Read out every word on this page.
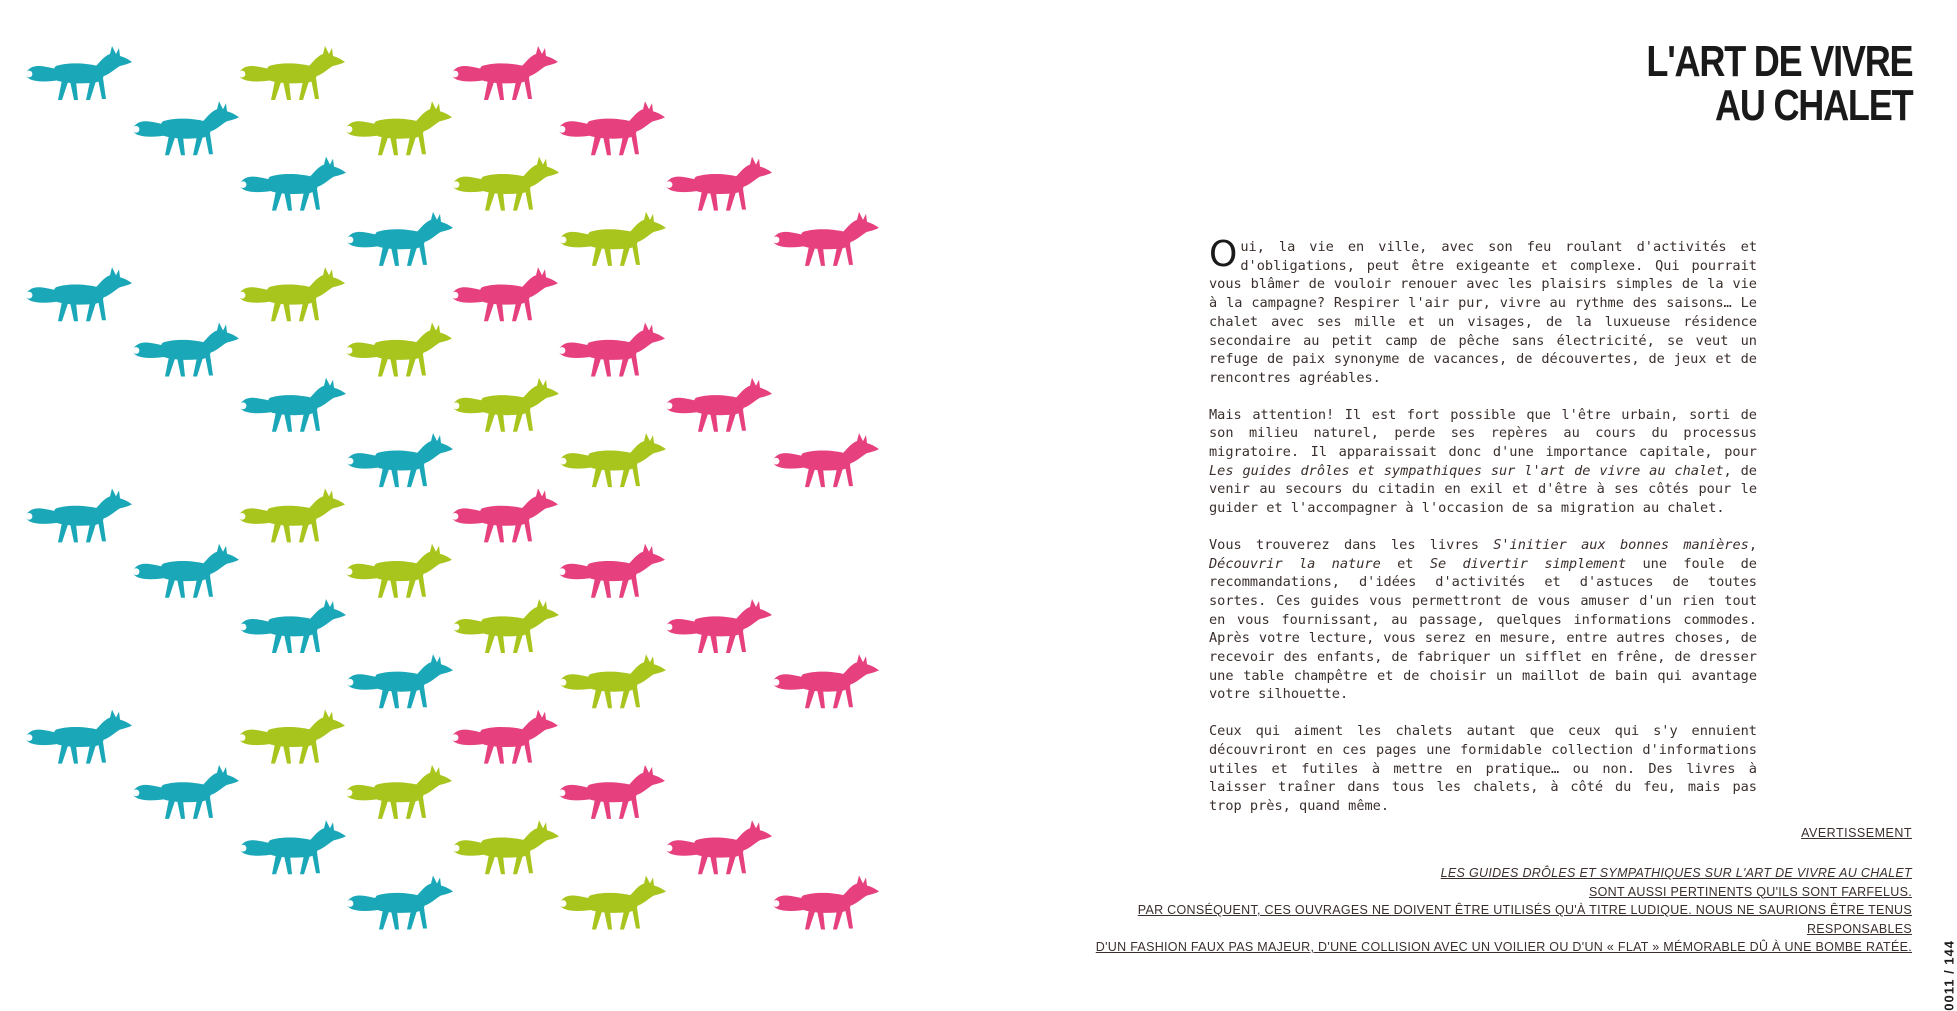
L'ART DE VIVRE
AU CHALET

Oui, la vie en ville, avec son feu roulant d'activités et d'obligations, peut être exigeante et complexe. Qui pourrait vous blâmer de vouloir renouer avec les plaisirs simples de la vie à la campagne? Respirer l'air pur, vivre au rythme des saisons… Le chalet avec ses mille et un visages, de la luxueuse résidence secondaire au petit camp de pêche sans électricité, se veut un refuge de paix synonyme de vacances, de découvertes, de jeux et de rencontres agréables.

Mais attention! Il est fort possible que l'être urbain, sorti de son milieu naturel, perde ses repères au cours du processus migratoire. Il apparaissait donc d'une importance capitale, pour Les guides drôles et sympathiques sur l'art de vivre au chalet, de venir au secours du citadin en exil et d'être à ses côtés pour le guider et l'accompagner à l'occasion de sa migration au chalet.

Vous trouverez dans les livres S'initier aux bonnes manières, Découvrir la nature et Se divertir simplement une foule de recommandations, d'idées d'activités et d'astuces de toutes sortes. Ces guides vous permettront de vous amuser d'un rien tout en vous fournissant, au passage, quelques informations commodes. Après votre lecture, vous serez en mesure, entre autres choses, de recevoir des enfants, de fabriquer un sifflet en frêne, de dresser une table champêtre et de choisir un maillot de bain qui avantage votre silhouette.

Ceux qui aiment les chalets autant que ceux qui s'y ennuient découvriront en ces pages une formidable collection d'informations utiles et futiles à mettre en pratique… ou non. Des livres à laisser traîner dans tous les chalets, à côté du feu, mais pas trop près, quand même.

AVERTISSEMENT
LES GUIDES DRÔLES ET SYMPATHIQUES SUR L'ART DE VIVRE AU CHALET
SONT AUSSI PERTINENTS QU'ILS SONT FARFELUS.
PAR CONSÉQUENT, CES OUVRAGES NE DOIVENT ÊTRE UTILISÉS QU'À TITRE LUDIQUE. NOUS NE SAURIONS ÊTRE TENUS RESPONSABLES
D'UN FASHION FAUX PAS MAJEUR, D'UNE COLLISION AVEC UN VOILIER OU D'UN « FLAT » MÉMORABLE DÛ À UNE BOMBE RATÉE. 0011 / 144
